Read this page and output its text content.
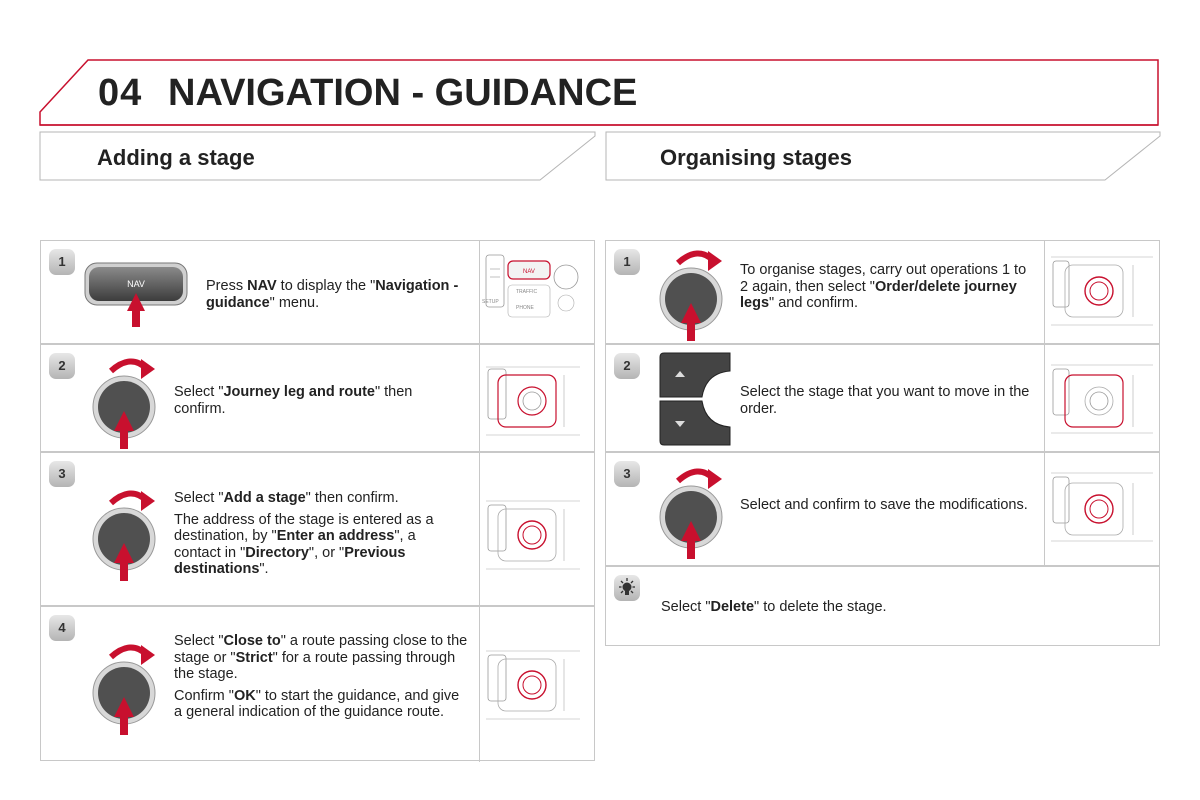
04 NAVIGATION - GUIDANCE
Adding a stage	Organising stages
1
NAV	Press NAV to display the "Navigation - guidance" menu.
NAV
TRAFFIC
PHONE
SETUP
2
Select "Journey leg and route" then confirm.
3

Select "Add a stage" then confirm.

The address of the stage is entered as a destination, by "Enter an address", a contact in "Directory", or "Previous destinations".

4

Select "Close to" a route passing close to the stage or "Strict" for a route passing through the stage.

Confirm "OK" to start the guidance, and give a general indication of the guidance route.

1
To organise stages, carry out operations 1 to 2 again, then select "Order/delete journey legs" and confirm.
2
Select the stage that you want to move in the order.
3
Select and confirm to save the modifications.
Select "Delete" to delete the stage.
